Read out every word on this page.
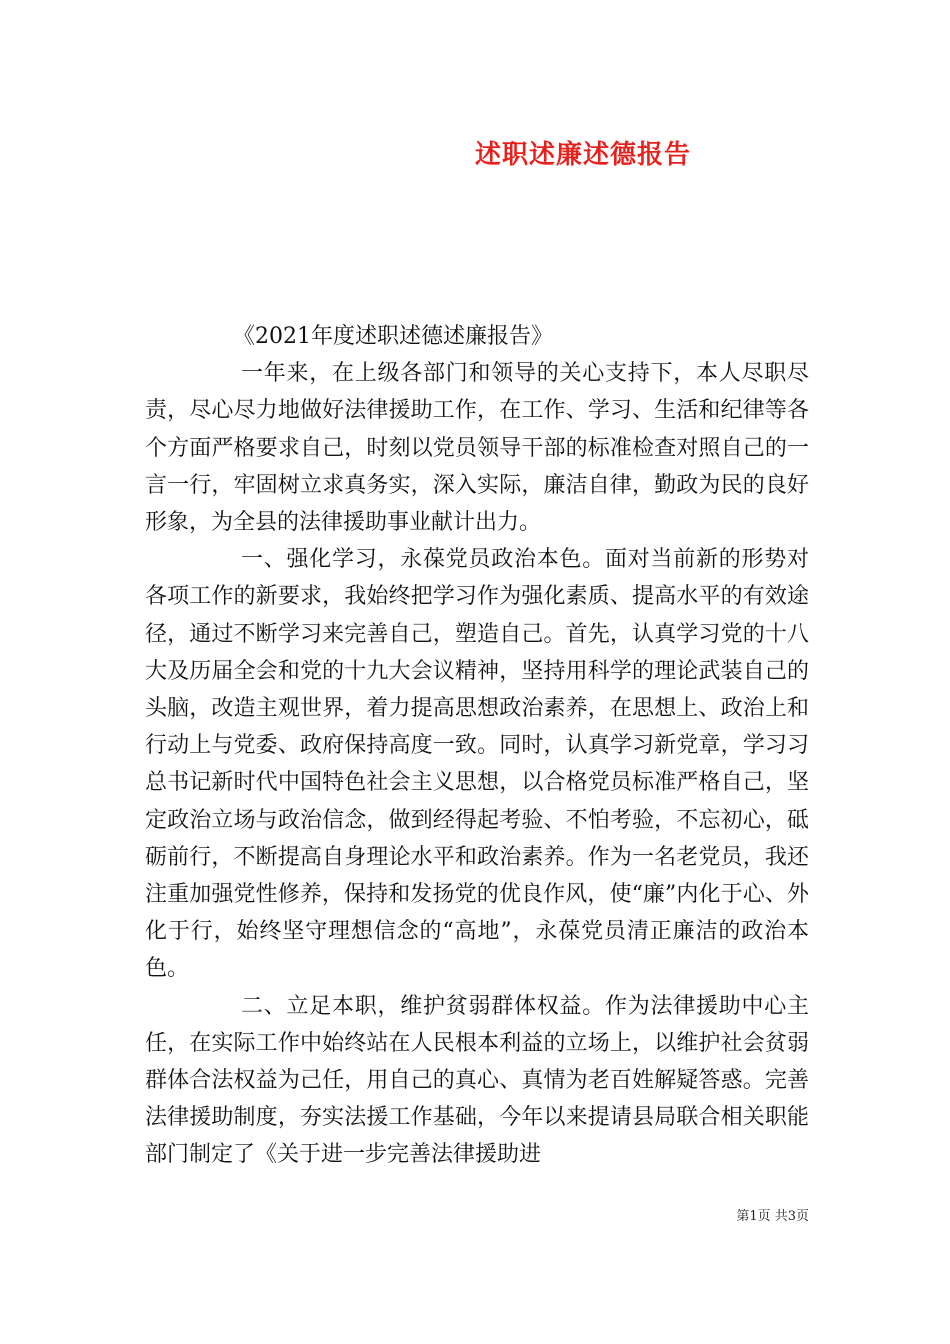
述职述廉述德报告

《2021年度述职述德述廉报告》

一年来，在上级各部门和领导的关心支持下，本人尽职尽责，尽心尽力地做好法律援助工作，在工作、学习、生活和纪律等各个方面严格要求自己，时刻以党员领导干部的标准检查对照自己的一言一行，牢固树立求真务实，深入实际，廉洁自律，勤政为民的良好形象，为全县的法律援助事业献计出力。

一、强化学习，永葆党员政治本色。面对当前新的形势对各项工作的新要求，我始终把学习作为强化素质、提高水平的有效途径，通过不断学习来完善自己，塑造自己。首先，认真学习党的十八大及历届全会和党的十九大会议精神，坚持用科学的理论武装自己的头脑，改造主观世界，着力提高思想政治素养，在思想上、政治上和行动上与党委、政府保持高度一致。同时，认真学习新党章，学习习总书记新时代中国特色社会主义思想，以合格党员标准严格自己，坚定政治立场与政治信念，做到经得起考验、不怕考验，不忘初心，砥砺前行，不断提高自身理论水平和政治素养。作为一名老党员，我还注重加强党性修养，保持和发扬党的优良作风，使“廉”内化于心、外化于行，始终坚守理想信念的“高地”，永葆党员清正廉洁的政治本色。

二、立足本职，维护贫弱群体权益。作为法律援助中心主任，在实际工作中始终站在人民根本利益的立场上，以维护社会贫弱群体合法权益为己任，用自己的真心、真情为老百姓解疑答惑。完善法律援助制度，夯实法援工作基础，今年以来提请县局联合相关职能部门制定了《关于进一步完善法律援助进

第1页 共3页
